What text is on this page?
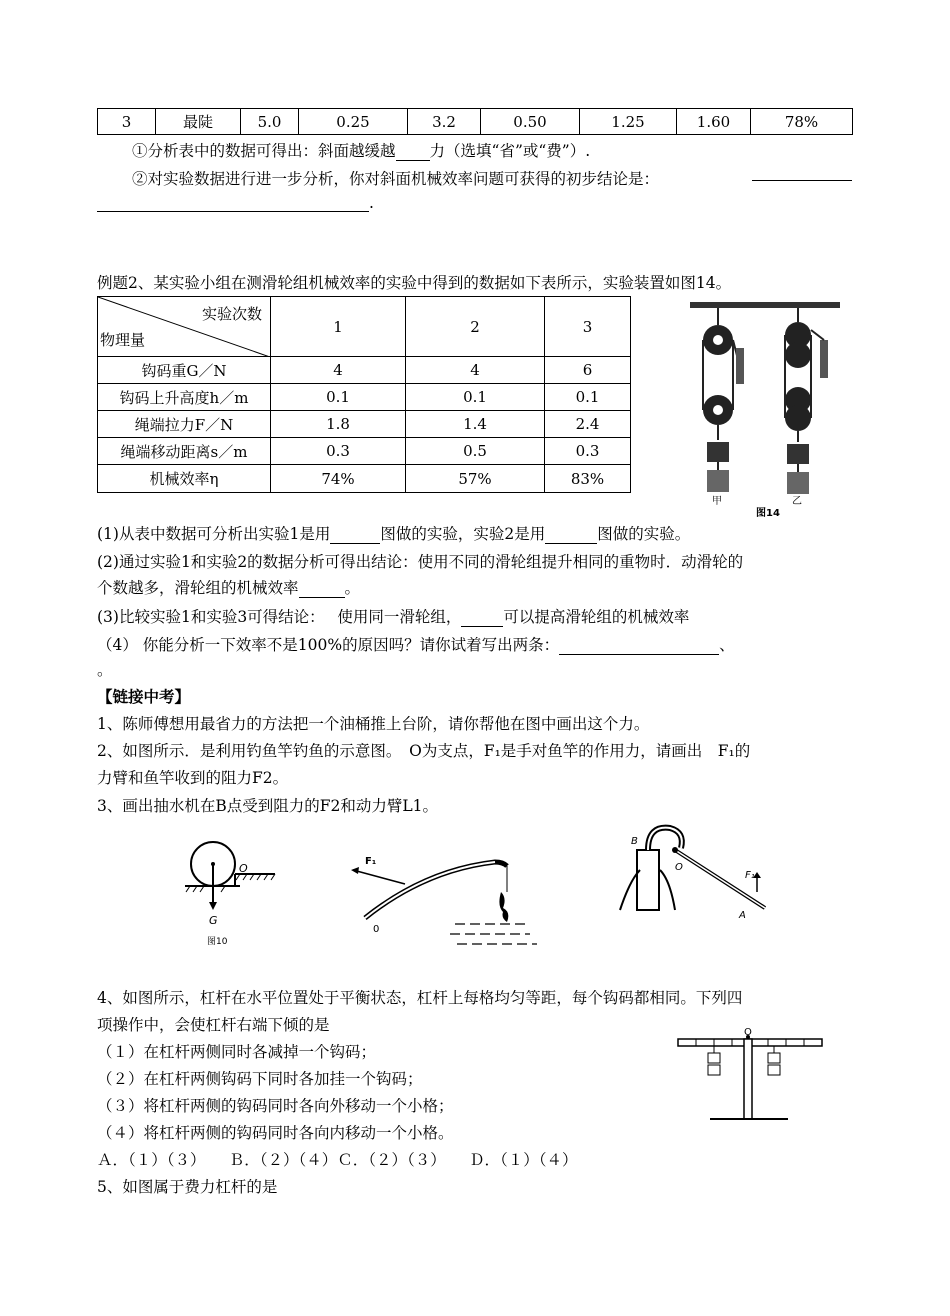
3	最陡	5.0	0.25	3.2	0.50	1.25	1.60	78%
①分析表中的数据可得出：斜面越缓越 力（选填“省”或“费”）.
②对实验数据进行进一步分析，你对斜面机械效率问题可获得的初步结论是：
.
例题2、某实验小组在测滑轮组机械效率的实验中得到的数据如下表所示，实验装置如图14。
实验次数
物理量	1	2	3
钩码重G／N	4	4	6
钩码上升高度h／m	0.1	0.1	0.1
绳端拉力F／N	1.8	1.4	2.4
绳端移动距离s／m	0.3	0.5	0.3
机械效率η	74%	57%	83%
甲	乙
图14
(1)从表中数据可分析出实验1是用	图做的实验，实验2是用	图做的实验。
(2)通过实验1和实验2的数据分析可得出结论：使用不同的滑轮组提升相同的重物时．动滑轮的
个数越多，滑轮组的机械效率	。
(3)比较实验1和实验3可得结论：　 使用同一滑轮组，	可以提高滑轮组的机械效率
（4） 你能分析一下效率不是100%的原因吗？请你试着写出两条：	、
。
【链接中考】
1、陈师傅想用最省力的方法把一个油桶推上台阶，请你帮他在图中画出这个力。
2、如图所示．是利用钓鱼竿钓鱼的示意图。　O为支点，F₁是手对鱼竿的作用力，请画出　F₁的
力臂和鱼竿收到的阻力F2。
3、画出抽水机在B点受到阻力的F2和动力臂L1。
O
G
图10
F₁
0
B
O
F₁
A
4、如图所示，杠杆在水平位置处于平衡状态，杠杆上每格均匀等距，每个钩码都相同。下列四
项操作中，会使杠杆右端下倾的是
（１）在杠杆两侧同时各减掉一个钩码；
（２）在杠杆两侧钩码下同时各加挂一个钩码；
（３）将杠杆两侧的钩码同时各向外移动一个小格；
（４）将杠杆两侧的钩码同时各向内移动一个小格。
Ａ．（１）（３）　　Ｂ．（２）（４）Ｃ．（２）（３）　　Ｄ．（１）（４）
O
5、如图属于费力杠杆的是
